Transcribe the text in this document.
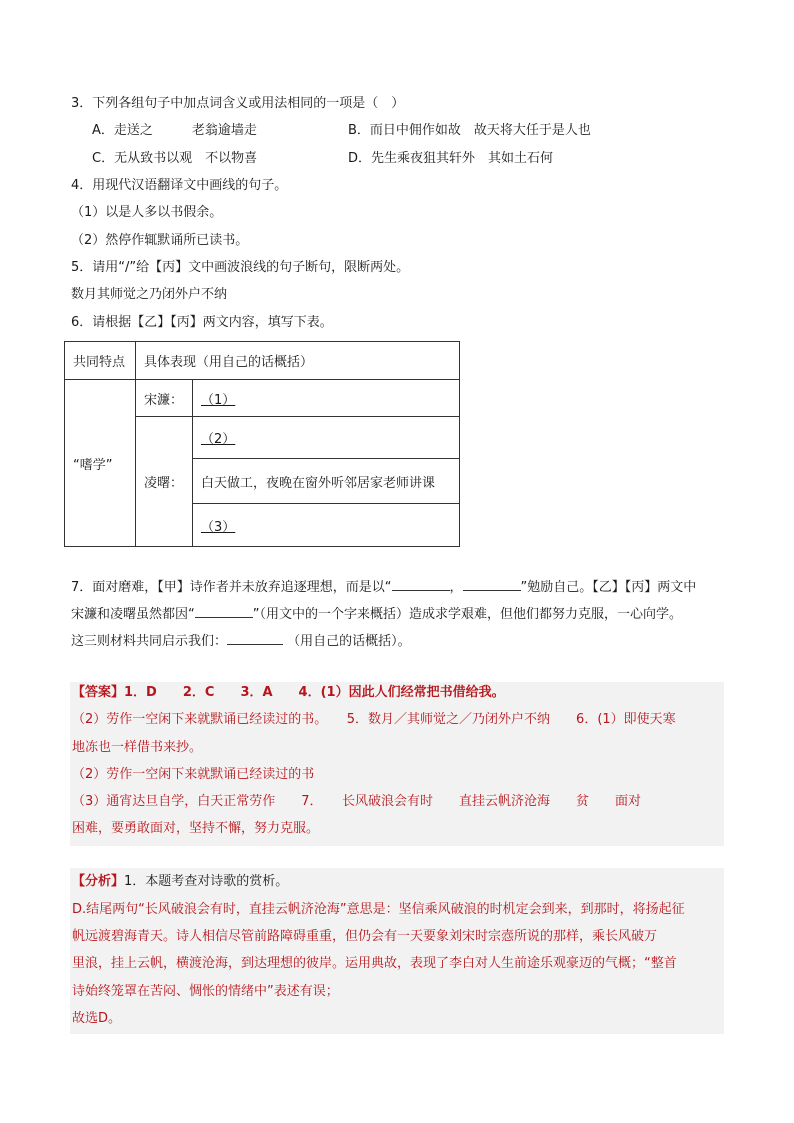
3．下列各组句子中加点词含义或用法相同的一项是（　）
A．走送之　　　老翁逾墙走	B．而日中佣作如故　故天将大任于是人也
C．无从致书以观　不以物喜	D．先生乘夜狙其轩外　其如土石何
4．用现代汉语翻译文中画线的句子。
（1）以是人多以书假余。
（2）然停作辄默诵所已读书。
5．请用“/”给【丙】文中画波浪线的句子断句，限断两处。
数月其师觉之乃闭外户不纳
6．请根据【乙】【丙】两文内容，填写下表。
共同特点	具体表现（用自己的话概括）	
“嗜学”	宋濂：	（1）
	凌曙：	（2）
		白天做工，夜晚在窗外听邻居家老师讲课
		（3）
7．面对磨难，【甲】诗作者并未放弃追逐理想，而是以“	，	”勉励自己。【乙】【丙】两文中
宋濂和凌曙虽然都因“	”（用文中的一个字来概括）造成求学艰难，但他们都努力克服，一心向学。
这三则材料共同启示我们：	（用自己的话概括）。
【答案】1．D　　2．C　　3．A　　4．(1）因此人们经常把书借给我。
（2）劳作一空闲下来就默诵已经读过的书。　　5．数月／其师觉之／乃闭外户不纳　　6．(1）即使天寒
地冻也一样借书来抄。
（2）劳作一空闲下来就默诵已经读过的书
（3）通宵达旦自学，白天正常劳作　　7．　　长风破浪会有时　　直挂云帆济沧海　　贫　　面对
困难，要勇敢面对，坚持不懈，努力克服。
【分析】1．本题考查对诗歌的赏析。
D.结尾两句“长风破浪会有时，直挂云帆济沧海”意思是：坚信乘风破浪的时机定会到来，到那时，将扬起征
帆远渡碧海青天。诗人相信尽管前路障碍重重，但仍会有一天要象刘宋时宗悫所说的那样，乘长风破万
里浪，挂上云帆，横渡沧海，到达理想的彼岸。运用典故，表现了李白对人生前途乐观豪迈的气概；“整首
诗始终笼罩在苦闷、惆怅的情绪中”表述有误；
故选D。
